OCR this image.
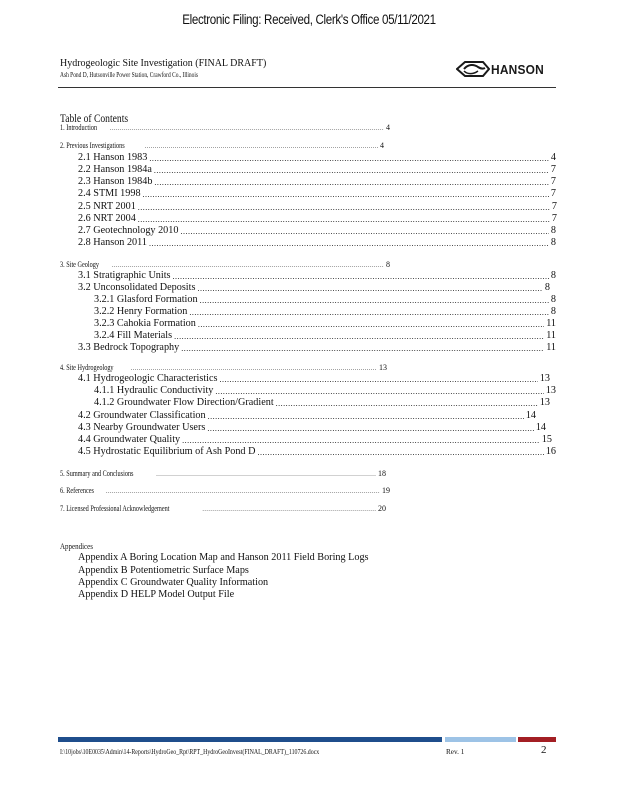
Electronic Filing: Received, Clerk's Office 05/11/2021
Hydrogeologic Site Investigation (FINAL DRAFT)
Ash Pond D, Hutsonville Power Station, Crawford Co., Illinois	HANSON
Table of Contents
1. Introduction .....	4
2. Previous Investigations .....	4
2.1 Hanson 1983 .....	4
2.2 Hanson 1984a .....	7
2.3 Hanson 1984b .....	7
2.4 STMI 1998 .....	7
2.5 NRT 2001 .....	7
2.6 NRT 2004 .....	7
2.7 Geotechnology 2010 .....	8
2.8 Hanson 2011 .....	8
3. Site Geology .....	8
3.1 Stratigraphic Units .....	8
3.2 Unconsolidated Deposits .....	8
3.2.1 Glasford Formation .....	8
3.2.2 Henry Formation .....	8
3.2.3 Cahokia Formation .....	11
3.2.4 Fill Materials .....	11
3.3 Bedrock Topography .....	11
4. Site Hydrogeology .....	13
4.1 Hydrogeologic Characteristics .....	13
4.1.1 Hydraulic Conductivity .....	13
4.1.2 Groundwater Flow Direction/Gradient .....	13
4.2 Groundwater Classification .....	14
4.3 Nearby Groundwater Users .....	14
4.4 Groundwater Quality .....	15
4.5 Hydrostatic Equilibrium of Ash Pond D .....	16
5. Summary and Conclusions .....	18
6. References .....	19
7. Licensed Professional Acknowledgement .....	20
Appendices
Appendix A Boring Location Map and Hanson 2011 Field Boring Logs
Appendix B Potentiometric Surface Maps
Appendix C Groundwater Quality Information
Appendix D HELP Model Output File
I:\10jobs\10E0035\Admin\14-Reports\HydroGeo_Rpt\RPT_HydroGeoInvest(FINAL_DRAFT)_110726.docx	Rev. 1	2
